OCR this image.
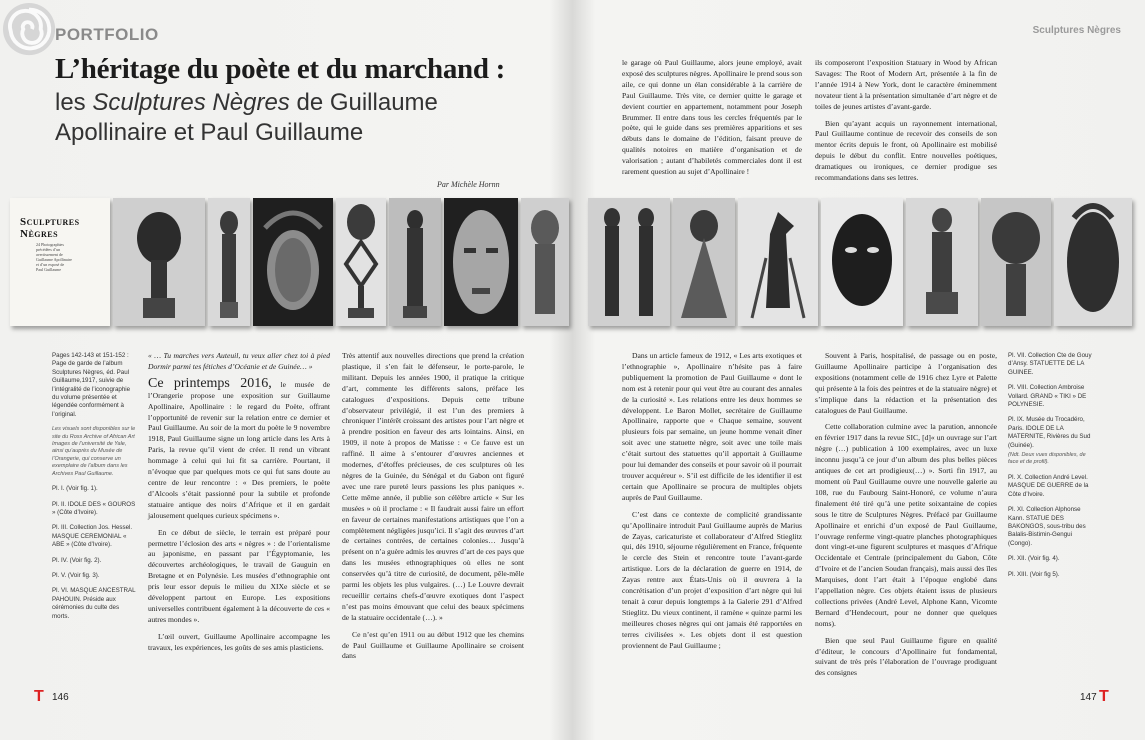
PORTFOLIO	Sculptures Nègres
L’héritage du poète et du marchand :
les Sculptures Nègres de Guillaume Apollinaire et Paul Guillaume
Par Michèle Hornn
Sculptures Nègres
24 Photographies
précédées d’un
avertissement de
Guillaume Apollinaire
et d’un exposé de
Paul Guillaume
Pages 142-143 et 151-152 : Page de garde de l’album Sculptures Nègres, éd. Paul Guillaume,1917, suivie de l’intégralité de l’iconographie du volume présentée et légendée conformément à l’original.
Les visuels sont disponibles sur le site du Ross Archive of African Art Images de l’université de Yale, ainsi qu’auprès du Musée de l’Orangerie, qui conserve un exemplaire de l’album dans les Archives Paul Guillaume.
Pl. I. (Voir fig. 1).
Pl. II. IDOLE DES « GOUROS » (Côte d’Ivoire).
Pl. III. Collection Jos. Hessel. MASQUE CEREMONIAL « ABE » (Côte d’Ivoire).
Pl. IV. (Voir fig. 2).
Pl. V. (Voir fig. 3).
Pl. VI. MASQUE ANCESTRAL PAHOUIN. Préside aux cérémonies du culte des morts.

le garage où Paul Guillaume, alors jeune employé, avait exposé des sculptures nègres. Apollinaire le prend sous son aile, ce qui donne un élan considérable à la carrière de Paul Guillaume. Très vite, ce dernier quitte le garage et devient courtier en appartement, notamment pour Joseph Brummer. Il entre dans tous les cercles fréquentés par le poète, qui le guide dans ses premières apparitions et ses débuts dans le domaine de l’édition, faisant preuve de qualités notoires en matière d’organisation et de valorisation ; autant d’habiletés commerciales dont il est rarement question au sujet d’Apollinaire !

ils composeront l’exposition Statuary in Wood by African Savages: The Root of Modern Art, présentée à la fin de l’année 1914 à New York, dont le caractère éminemment novateur tient à la présentation simultanée d’art nègre et de toiles de jeunes artistes d’avant-garde.

Bien qu’ayant acquis un rayonnement international, Paul Guillaume continue de recevoir des conseils de son mentor écrits depuis le front, où Apollinaire est mobilisé depuis le début du conflit. Entre nouvelles poétiques, dramatiques ou ironiques, ce dernier prodigue ses recommandations dans ses lettres.

« … Tu marches vers Auteuil, tu veux aller chez toi à pied Dormir parmi tes fétiches d’Océanie et de Guinée… »

Ce printemps 2016, le musée de l’Orangerie propose une exposition sur Guillaume Apollinaire, Apollinaire : le regard du Poète, offrant l’opportunité de revenir sur la relation entre ce dernier et Paul Guillaume. Au soir de la mort du poète le 9 novembre 1918, Paul Guillaume signe un long article dans les Arts à Paris, la revue qu’il vient de créer. Il rend un vibrant hommage à celui qui lui fit sa carrière. Pourtant, il n’évoque que par quelques mots ce qui fut sans doute au centre de leur rencontre : « Des premiers, le poète d’Alcools s’était passionné pour la subtile et profonde statuaire antique des noirs d’Afrique et il en gardait jalousement quelques curieux spécimens ».

En ce début de siècle, le terrain est préparé pour permettre l’éclosion des arts « nègres » : de l’orientalisme au japonisme, en passant par l’Égyptomanie, les découvertes archéologiques, le travail de Gauguin en Bretagne et en Polynésie. Les musées d’ethnographie ont pris leur essor depuis le milieu du XIXe siècle et se développent partout en Europe. Les expositions universelles contribuent également à la découverte de ces « autres mondes ».

L’œil ouvert, Guillaume Apollinaire accompagne les travaux, les expériences, les goûts de ses amis plasticiens.

Très attentif aux nouvelles directions que prend la création plastique, il s’en fait le défenseur, le porte-parole, le militant. Depuis les années 1900, il pratique la critique d’art, commente les différents salons, préface les catalogues d’expositions. Depuis cette tribune d’observateur privilégié, il est l’un des premiers à chroniquer l’intérêt croissant des artistes pour l’art nègre et à prendre position en faveur des arts lointains. Ainsi, en 1909, il note à propos de Matisse : « Ce fauve est un raffiné. Il aime à s’entourer d’œuvres anciennes et modernes, d’étoffes précieuses, de ces sculptures où les nègres de la Guinée, du Sénégal et du Gabon ont figuré avec une rare pureté leurs passions les plus paniques ». Cette même année, il publie son célèbre article « Sur les musées » où il proclame : « Il faudrait aussi faire un effort en faveur de certaines manifestations artistiques que l’on a complètement négligées jusqu’ici. Il s’agit des œuvres d’art de certaines contrées, de certaines colonies… Jusqu’à présent on n’a guère admis les œuvres d’art de ces pays que dans les musées ethnographiques où elles ne sont conservées qu’à titre de curiosité, de document, pêle-mêle parmi les objets les plus vulgaires. (…) Le Louvre devrait recueillir certains chefs-d’œuvre exotiques dont l’aspect n’est pas moins émouvant que celui des beaux spécimens de la statuaire occidentale (…). »

Ce n’est qu’en 1911 ou au début 1912 que les chemins de Paul Guillaume et Guillaume Apollinaire se croisent dans

Dans un article fameux de 1912, « Les arts exotiques et l’ethnographie », Apollinaire n’hésite pas à faire publiquement la promotion de Paul Guillaume « dont le nom est à retenir pour qui veut être au courant des annales de la curiosité ». Les relations entre les deux hommes se développent. Le Baron Mollet, secrétaire de Guillaume Apollinaire, rapporte que « Chaque semaine, souvent plusieurs fois par semaine, un jeune homme venait dîner soit avec une statuette nègre, soit avec une toile mais c’était surtout des statuettes qu’il apportait à Guillaume pour lui demander des conseils et pour savoir où il pourrait trouver acquéreur ». S’il est difficile de les identifier il est certain que Apollinaire se procura de multiples objets auprès de Paul Guillaume.

C’est dans ce contexte de complicité grandissante qu’Apollinaire introduit Paul Guillaume auprès de Marius de Zayas, caricaturiste et collaborateur d’Alfred Stieglitz qui, dès 1910, séjourne régulièrement en France, fréquente le cercle des Stein et rencontre toute l’avant-garde artistique. Lors de la déclaration de guerre en 1914, de Zayas rentre aux États-Unis où il œuvrera à la concrétisation d’un projet d’exposition d’art nègre qui lui tenait à cœur depuis longtemps à la Galerie 291 d’Alfred Stieglitz. Du vieux continent, il ramène « quinze parmi les meilleures choses nègres qui ont jamais été rapportées en terres civilisées ». Les objets dont il est question proviennent de Paul Guillaume ;

Souvent à Paris, hospitalisé, de passage ou en poste, Guillaume Apollinaire participe à l’organisation des expositions (notamment celle de 1916 chez Lyre et Palette qui présente à la fois des peintres et de la statuaire nègre) et s’implique dans la rédaction et la présentation des catalogues de Paul Guillaume.

Cette collaboration culmine avec la parution, annoncée en février 1917 dans la revue SIC, [d]« un ouvrage sur l’art nègre (…) publication à 100 exemplaires, avec un luxe inconnu jusqu’à ce jour d’un album des plus belles pièces antiques de cet art prodigieux(…) ». Sorti fin 1917, au moment où Paul Guillaume ouvre une nouvelle galerie au 108, rue du Faubourg Saint-Honoré, ce volume n’aura finalement été tiré qu’à une petite soixantaine de copies sous le titre de Sculptures Nègres. Préfacé par Guillaume Apollinaire et enrichi d’un exposé de Paul Guillaume, l’ouvrage renferme vingt-quatre planches photographiques dont vingt-et-une figurent sculptures et masques d’Afrique Occidentale et Centrale (principalement du Gabon, Côte d’Ivoire et de l’ancien Soudan français), mais aussi des îles Marquises, dont l’art était à l’époque englobé dans l’appellation nègre. Ces objets étaient issus de plusieurs collections privées (André Level, Alphone Kann, Vicomte Bernard d’Hendecourt, pour ne donner que quelques noms).

Bien que seul Paul Guillaume figure en qualité d’éditeur, le concours d’Apollinaire fut fondamental, suivant de très près l’élaboration de l’ouvrage prodiguant des consignes

Pl. VII. Collection Cte de Gouy d’Ansy. STATUETTE DE LA GUINEE.
Pl. VIII. Collection Ambroise Vollard. GRAND « TIKI » DE POLYNESIE.
Pl. IX. Musée du Trocadéro, Paris. IDOLE DE LA MATERNITE, Rivières du Sud (Guinée).
(Ndt. Deux vues disponibles, de face et de profil).
Pl. X. Collection André Level. MASQUE DE GUERRE de la Côte d’Ivoire.
Pl. XI. Collection Alphonse Kann. STATUE DES BAKONGOS, sous-tribu des Balalis-Bistimin-Gengui (Congo).
Pl. XII. (Voir fig. 4).
Pl. XIII. (Voir fig 5).
T 146	147 T
